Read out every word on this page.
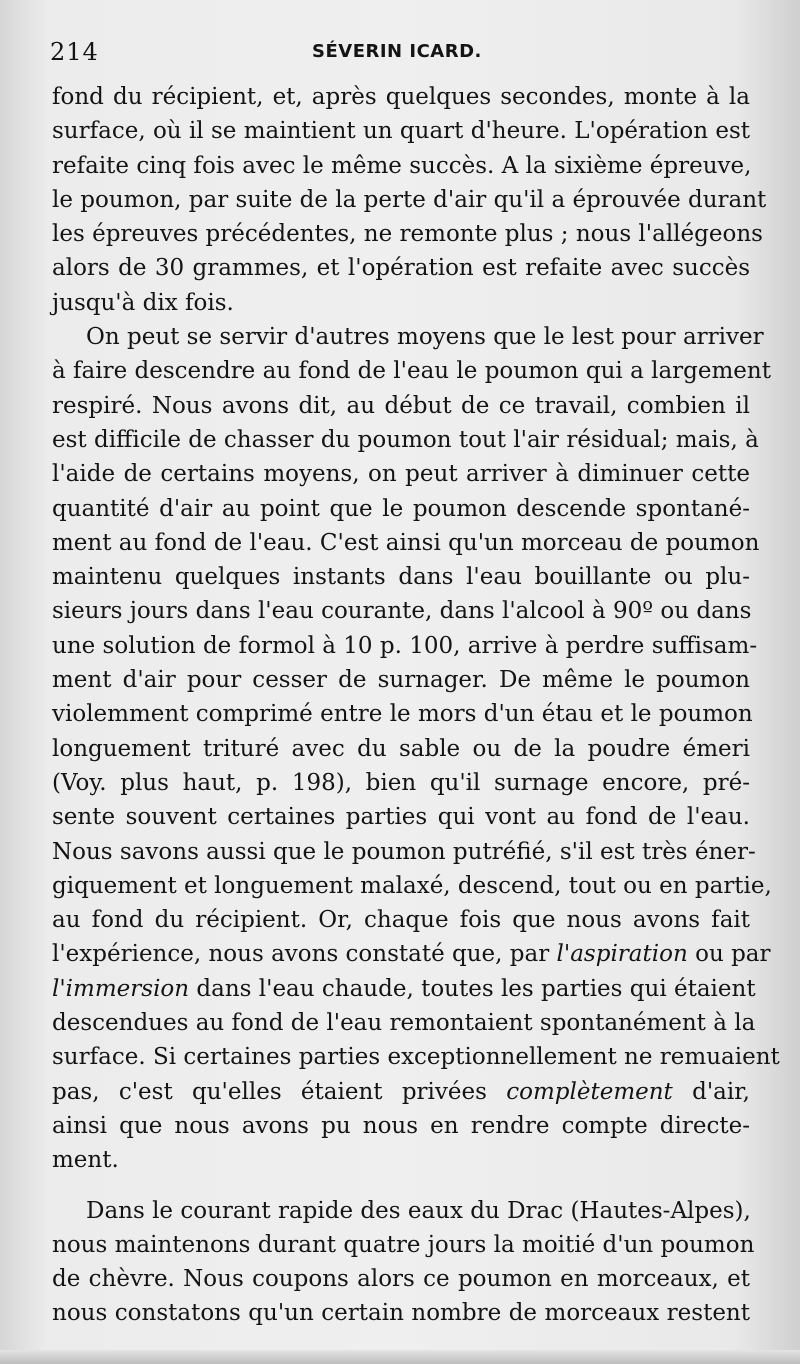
214	SÉVERIN ICARD.
fond du récipient, et, après quelques secondes, monte à la
surface, où il se maintient un quart d'heure. L'opération est
refaite cinq fois avec le même succès. A la sixième épreuve,
le poumon, par suite de la perte d'air qu'il a éprouvée durant
les épreuves précédentes, ne remonte plus ; nous l'allégeons
alors de 30 grammes, et l'opération est refaite avec succès
jusqu'à dix fois.
On peut se servir d'autres moyens que le lest pour arriver
à faire descendre au fond de l'eau le poumon qui a largement
respiré. Nous avons dit, au début de ce travail, combien il
est difficile de chasser du poumon tout l'air résidual; mais, à
l'aide de certains moyens, on peut arriver à diminuer cette
quantité d'air au point que le poumon descende spontané-
ment au fond de l'eau. C'est ainsi qu'un morceau de poumon
maintenu quelques instants dans l'eau bouillante ou plu-
sieurs jours dans l'eau courante, dans l'alcool à 90º ou dans
une solution de formol à 10 p. 100, arrive à perdre suffisam-
ment d'air pour cesser de surnager. De même le poumon
violemment comprimé entre le mors d'un étau et le poumon
longuement trituré avec du sable ou de la poudre émeri
(Voy. plus haut, p. 198), bien qu'il surnage encore, pré-
sente souvent certaines parties qui vont au fond de l'eau.
Nous savons aussi que le poumon putréfié, s'il est très éner-
giquement et longuement malaxé, descend, tout ou en partie,
au fond du récipient. Or, chaque fois que nous avons fait
l'expérience, nous avons constaté que, par l'aspiration ou par
l'immersion dans l'eau chaude, toutes les parties qui étaient
descendues au fond de l'eau remontaient spontanément à la
surface. Si certaines parties exceptionnellement ne remuaient
pas, c'est qu'elles étaient privées complètement d'air,
ainsi que nous avons pu nous en rendre compte directe-
ment.
Dans le courant rapide des eaux du Drac (Hautes-Alpes),
nous maintenons durant quatre jours la moitié d'un poumon
de chèvre. Nous coupons alors ce poumon en morceaux, et
nous constatons qu'un certain nombre de morceaux restent
